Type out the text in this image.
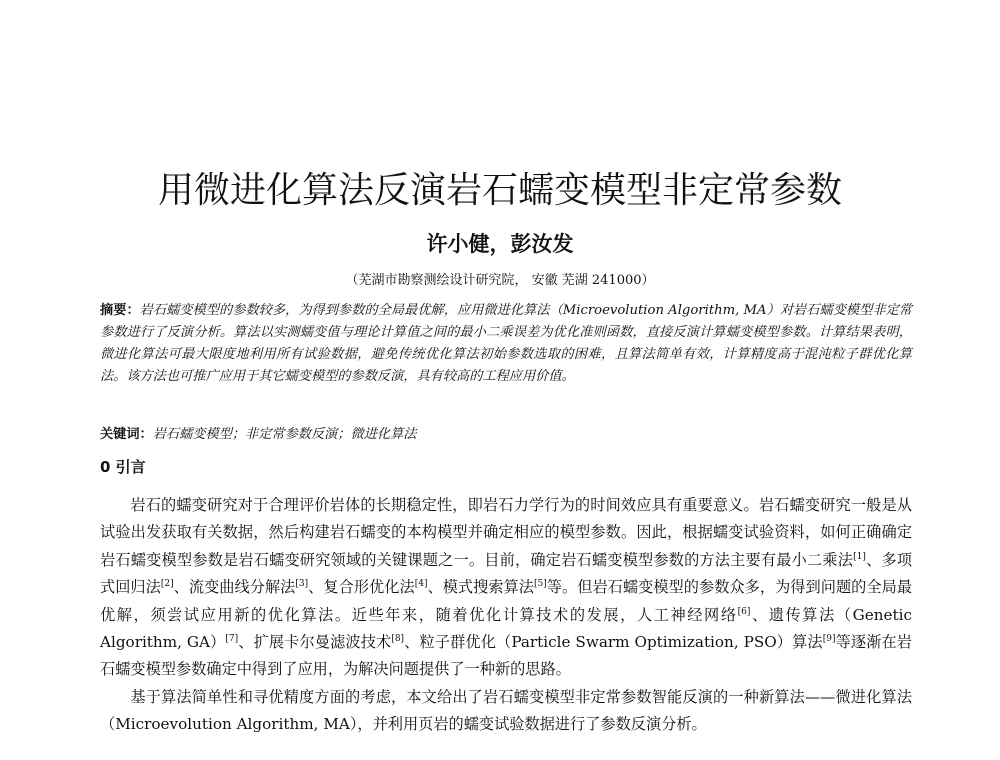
用微进化算法反演岩石蠕变模型非定常参数
许小健，彭汝发
（芜湖市勘察测绘设计研究院， 安徽 芜湖 241000）
摘要：岩石蠕变模型的参数较多，为得到参数的全局最优解，应用微进化算法（Microevolution Algorithm, MA）对岩石蠕变模型非定常参数进行了反演分析。算法以实测蠕变值与理论计算值之间的最小二乘误差为优化准则函数，直接反演计算蠕变模型参数。计算结果表明，微进化算法可最大限度地利用所有试验数据，避免传统优化算法初始参数选取的困难，且算法简单有效，计算精度高于混沌粒子群优化算法。该方法也可推广应用于其它蠕变模型的参数反演，具有较高的工程应用价值。
关键词：岩石蠕变模型；非定常参数反演；微进化算法
0 引言

岩石的蠕变研究对于合理评价岩体的长期稳定性，即岩石力学行为的时间效应具有重要意义。岩石蠕变研究一般是从试验出发获取有关数据，然后构建岩石蠕变的本构模型并确定相应的模型参数。因此，根据蠕变试验资料，如何正确确定岩石蠕变模型参数是岩石蠕变研究领域的关键课题之一。目前，确定岩石蠕变模型参数的方法主要有最小二乘法[1]、多项式回归法[2]、流变曲线分解法[3]、复合形优化法[4]、模式搜索算法[5]等。但岩石蠕变模型的参数众多，为得到问题的全局最优解，须尝试应用新的优化算法。近些年来，随着优化计算技术的发展，人工神经网络[6]、遗传算法（Genetic Algorithm, GA）[7]、扩展卡尔曼滤波技术[8]、粒子群优化（Particle Swarm Optimization, PSO）算法[9]等逐渐在岩石蠕变模型参数确定中得到了应用，为解决问题提供了一种新的思路。

基于算法简单性和寻优精度方面的考虑，本文给出了岩石蠕变模型非定常参数智能反演的一种新算法——微进化算法（Microevolution Algorithm, MA），并利用页岩的蠕变试验数据进行了参数反演分析。
